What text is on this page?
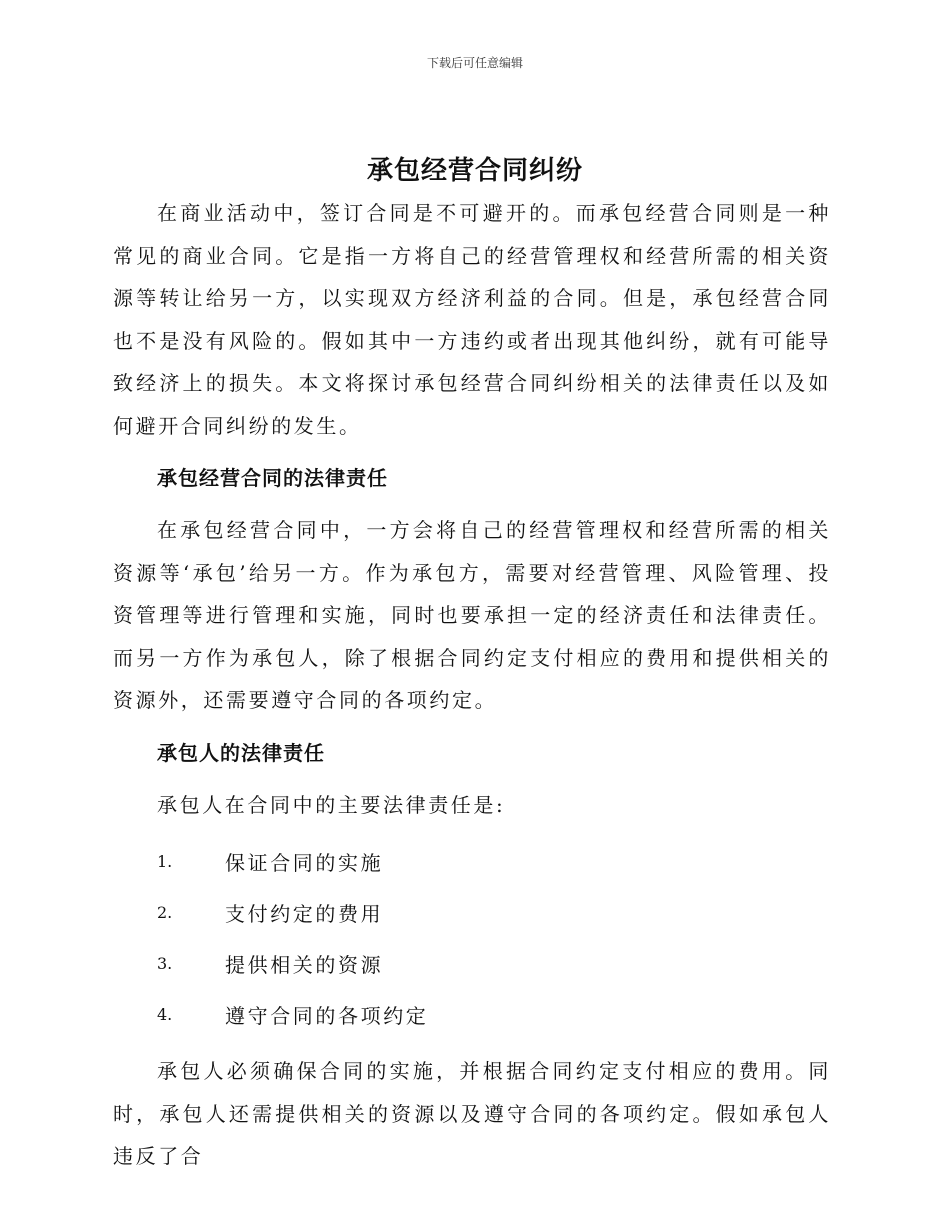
下载后可任意编辑
承包经营合同纠纷

在商业活动中，签订合同是不可避开的。而承包经营合同则是一种常见的商业合同。它是指一方将自己的经营管理权和经营所需的相关资源等转让给另一方，以实现双方经济利益的合同。但是，承包经营合同也不是没有风险的。假如其中一方违约或者出现其他纠纷，就有可能导致经济上的损失。本文将探讨承包经营合同纠纷相关的法律责任以及如何避开合同纠纷的发生。

承包经营合同的法律责任

在承包经营合同中，一方会将自己的经营管理权和经营所需的相关资源等‘承包’给另一方。作为承包方，需要对经营管理、风险管理、投资管理等进行管理和实施，同时也要承担一定的经济责任和法律责任。而另一方作为承包人，除了根据合同约定支付相应的费用和提供相关的资源外，还需要遵守合同的各项约定。

承包人的法律责任

承包人在合同中的主要法律责任是:

1.	保证合同的实施
2.	支付约定的费用
3.	提供相关的资源
4.	遵守合同的各项约定

承包人必须确保合同的实施，并根据合同约定支付相应的费用。同时，承包人还需提供相关的资源以及遵守合同的各项约定。假如承包人违反了合
